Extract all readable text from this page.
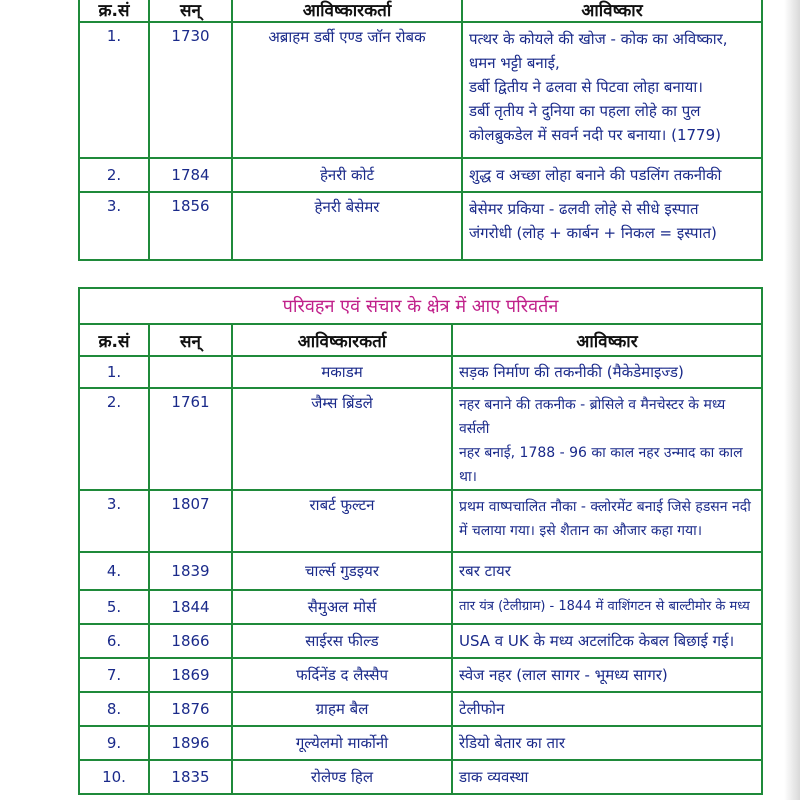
क्र.सं	सन्	आविष्कारकर्ता	आविष्कार
1.	1730	अब्राहम डर्बी एण्ड जॉन रोबक	पत्थर के कोयले की खोज - कोक का अविष्कार,
धमन भट्टी बनाई,
डर्बी द्वितीय ने ढलवा से पिटवा लोहा बनाया।
डर्बी तृतीय ने दुनिया का पहला लोहे का पुल
कोलब्रुकडेल में सवर्न नदी पर बनाया। (1779)

2.	1784	हेनरी कोर्ट	शुद्ध व अच्छा लोहा बनाने की पडलिंग तकनीकी

3.	1856	हेनरी बेसेमर	बेसेमर प्रकिया - ढलवी लोहे से सीधे इस्पात
जंगरोधी (लोह + कार्बन + निकल = इस्पात)
परिवहन एवं संचार के क्षेत्र में आए परिवर्तन			
क्र.सं	सन्	आविष्कारकर्ता	आविष्कार
1.		मकाडम	सड़क निर्माण की तकनीकी (मैकेडेमाइज्ड)

2.	1761	जैम्स ब्रिंडले	नहर बनाने की तकनीक - ब्रोसिले व मैनचेस्टर के मध्य वर्सली
नहर बनाई, 1788 - 96 का काल नहर उन्माद का काल था।

3.	1807	राबर्ट फुल्टन	प्रथम वाष्पचालित नौका - क्लोरमेंट बनाई जिसे हडसन नदी
में चलाया गया। इसे शैतान का औजार कहा गया।

4.	1839	चार्ल्स गुडइयर	रबर टायर

5.	1844	सैमुअल मोर्स	तार यंत्र (टेलीग्राम) - 1844 में वाशिंगटन से बाल्टीमोर के मध्य

6.	1866	साईरस फील्ड	USA व UK के मध्य अटलांटिक केबल बिछाई गई।

7.	1869	फर्दिनेंड द लैस्सैप	स्वेज नहर (लाल सागर - भूमध्य सागर)

8.	1876	ग्राहम बैल	टेलीफोन

9.	1896	गूल्येलमो मार्कोनी	रेडियो बेतार का तार

10.	1835	रोलेण्ड हिल	डाक व्यवस्था
